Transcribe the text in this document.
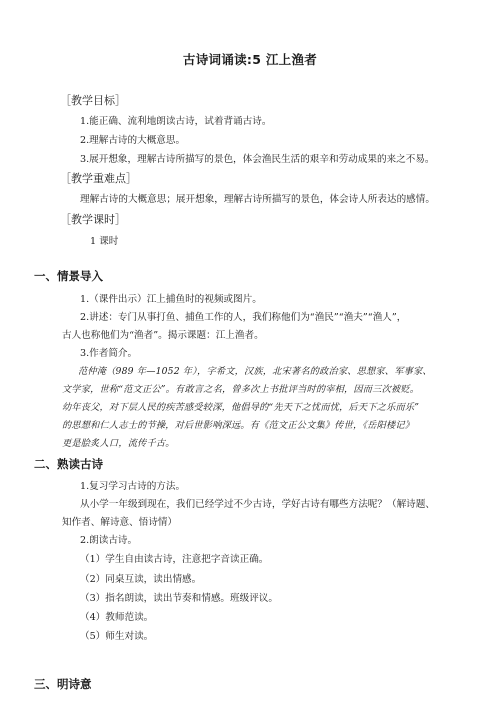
古诗词诵读:5 江上渔者
［教学目标］
1.能正确、流利地朗读古诗，试着背诵古诗。
2.理解古诗的大概意思。
3.展开想象，理解古诗所描写的景色，体会渔民生活的艰辛和劳动成果的来之不易。
［教学重难点］
理解古诗的大概意思；展开想象，理解古诗所描写的景色，体会诗人所表达的感情。
［教学课时］
1 课时
一、情景导入
1.（课件出示）江上捕鱼时的视频或图片。
2.讲述：专门从事打鱼、捕鱼工作的人，我们称他们为“渔民”“渔夫”“渔人”，
古人也称他们为“渔者”。揭示课题：江上渔者。
3.作者简介。
范仲淹（989 年—1052 年），字希文，汉族，北宋著名的政治家、思想家、军事家、
文学家，世称“范文正公”。有敢言之名，曾多次上书批评当时的宰相，因而三次被贬。
幼年丧父，对下层人民的疾苦感受较深，他倡导的“先天下之忧而忧，后天下之乐而乐”
的思想和仁人志士的节操，对后世影响深远。有《范文正公文集》传世，《岳阳楼记》
更是脍炙人口，流传千古。
二、熟读古诗
1.复习学习古诗的方法。
从小学一年级到现在，我们已经学过不少古诗，学好古诗有哪些方法呢？（解诗题、
知作者、解诗意、悟诗情）
2.朗读古诗。
（1）学生自由读古诗，注意把字音读正确。
（2）同桌互读，读出情感。
（3）指名朗读，读出节奏和情感。班级评议。
（4）教师范读。
（5）师生对读。
三、明诗意
